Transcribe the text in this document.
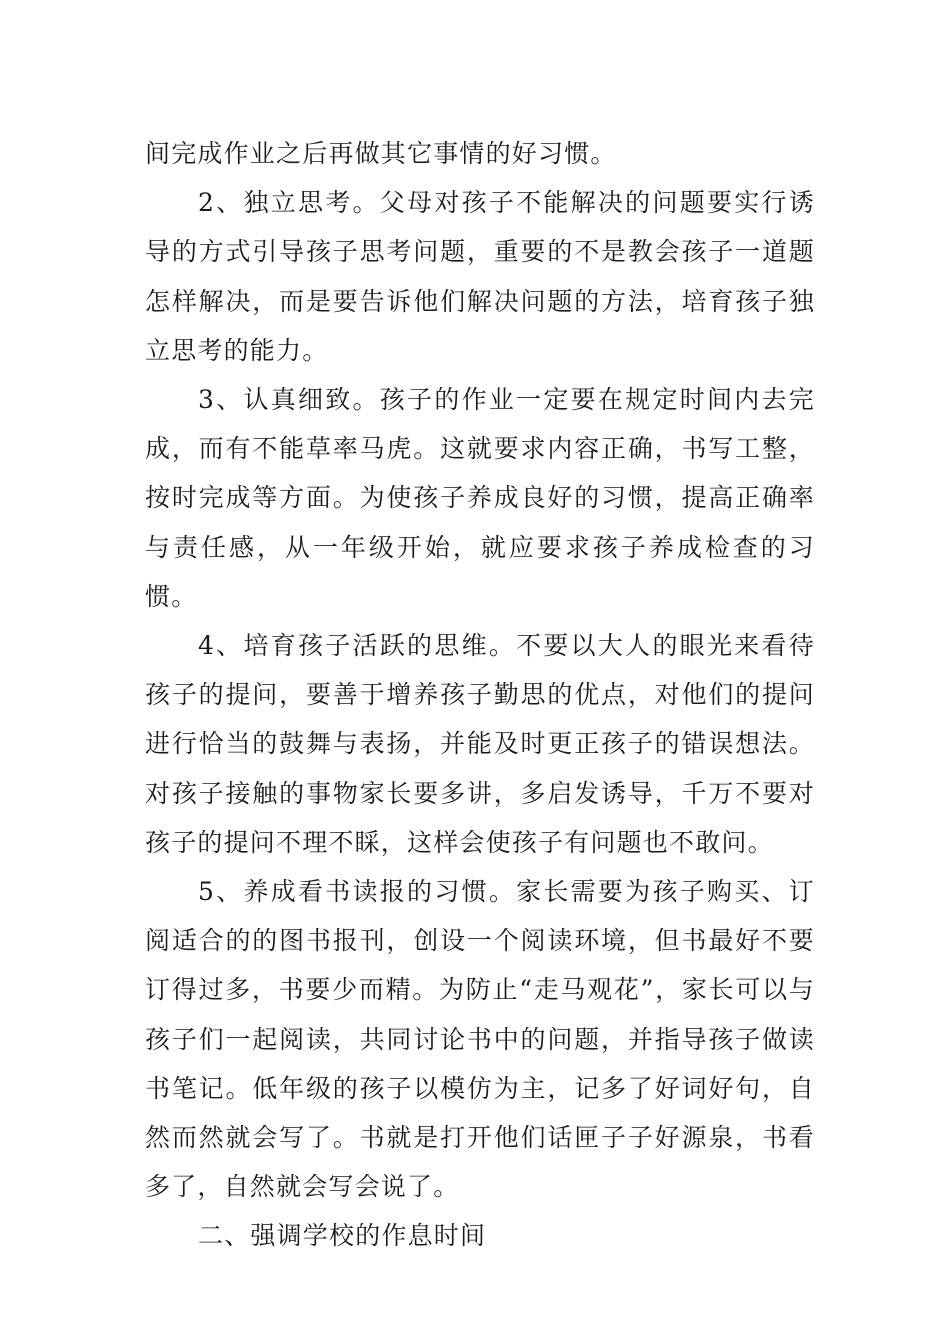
间完成作业之后再做其它事情的好习惯。

2、独立思考。父母对孩子不能解决的问题要实行诱导的方式引导孩子思考问题，重要的不是教会孩子一道题怎样解决，而是要告诉他们解决问题的方法，培育孩子独立思考的能力。

3、认真细致。孩子的作业一定要在规定时间内去完成，而有不能草率马虎。这就要求内容正确，书写工整，按时完成等方面。为使孩子养成良好的习惯，提高正确率与责任感，从一年级开始，就应要求孩子养成检查的习惯。

4、培育孩子活跃的思维。不要以大人的眼光来看待孩子的提问，要善于增养孩子勤思的优点，对他们的提问进行恰当的鼓舞与表扬，并能及时更正孩子的错误想法。对孩子接触的事物家长要多讲，多启发诱导，千万不要对孩子的提问不理不睬，这样会使孩子有问题也不敢问。

5、养成看书读报的习惯。家长需要为孩子购买、订阅适合的的图书报刊，创设一个阅读环境，但书最好不要订得过多，书要少而精。为防止“走马观花”，家长可以与孩子们一起阅读，共同讨论书中的问题，并指导孩子做读书笔记。低年级的孩子以模仿为主，记多了好词好句，自然而然就会写了。书就是打开他们话匣子子好源泉，书看多了，自然就会写会说了。

二、强调学校的作息时间
